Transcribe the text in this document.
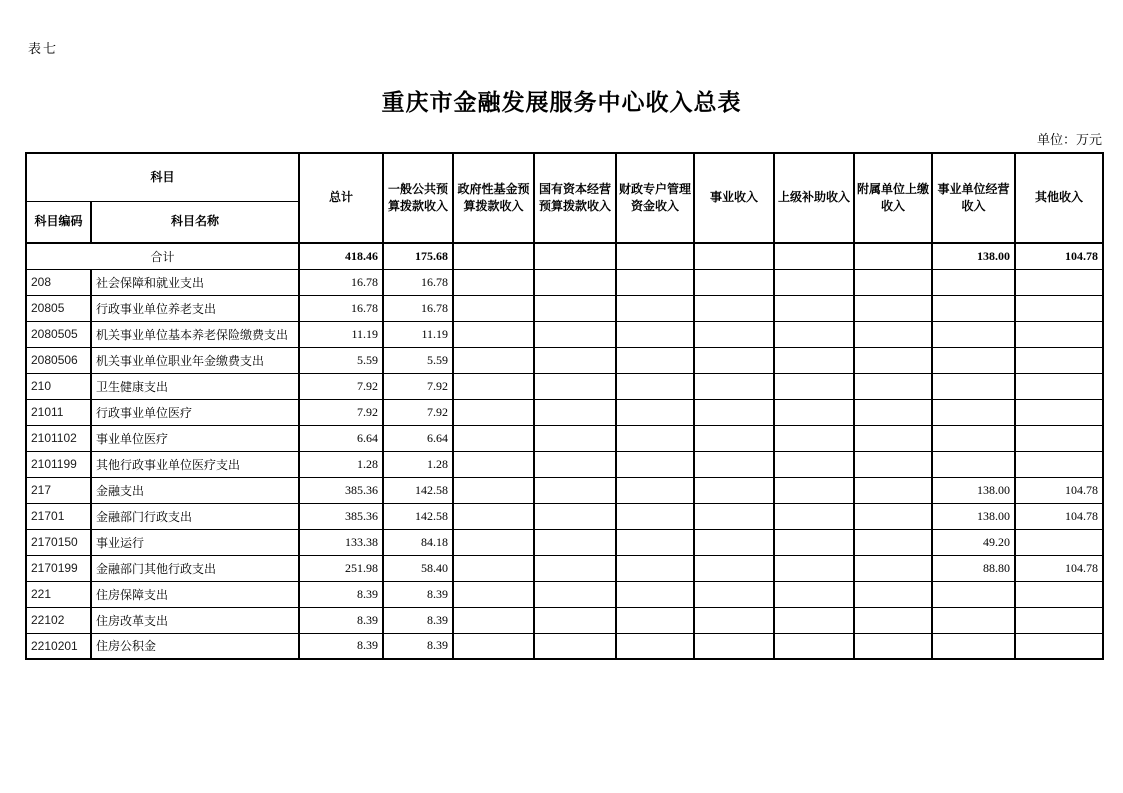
表七
重庆市金融发展服务中心收入总表
单位：万元
科目		总计	一般公共预算拨款收入	政府性基金预算拨款收入	国有资本经营预算拨款收入	财政专户管理资金收入	事业收入	上级补助收入	附属单位上缴收入	事业单位经营收入	其他收入
科目编码	科目名称										
合计		418.46	175.68							138.00	104.78
208	社会保障和就业支出	16.78	16.78								
20805	行政事业单位养老支出	16.78	16.78								
2080505	机关事业单位基本养老保险缴费支出	11.19	11.19								
2080506	机关事业单位职业年金缴费支出	5.59	5.59								
210	卫生健康支出	7.92	7.92								
21011	行政事业单位医疗	7.92	7.92								
2101102	事业单位医疗	6.64	6.64								
2101199	其他行政事业单位医疗支出	1.28	1.28								
217	金融支出	385.36	142.58							138.00	104.78
21701	金融部门行政支出	385.36	142.58							138.00	104.78
2170150	事业运行	133.38	84.18							49.20	
2170199	金融部门其他行政支出	251.98	58.40							88.80	104.78
221	住房保障支出	8.39	8.39								
22102	住房改革支出	8.39	8.39								
2210201	住房公积金	8.39	8.39								
